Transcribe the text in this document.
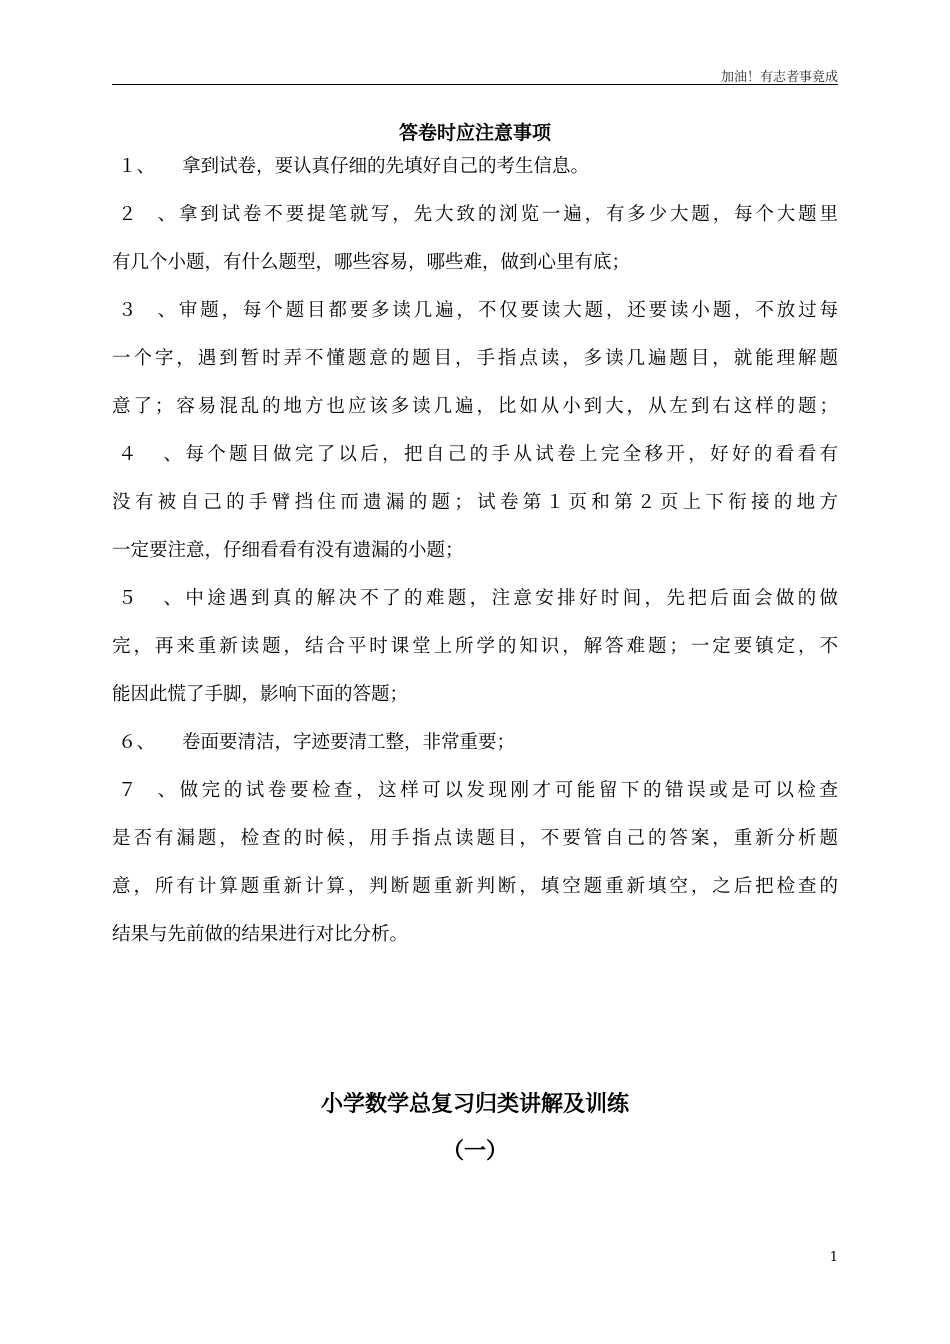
加油！有志者事竟成
答卷时应注意事项
１、 拿到试卷，要认真仔细的先填好自己的考生信息。
２、拿到试卷不要提笔就写，先大致的浏览一遍，有多少大题，每个大题里
有几个小题，有什么题型，哪些容易，哪些难，做到心里有底；
３、审题，每个题目都要多读几遍，不仅要读大题，还要读小题，不放过每
一个字，遇到暂时弄不懂题意的题目，手指点读，多读几遍题目，就能理解题
意了；容易混乱的地方也应该多读几遍，比如从小到大，从左到右这样的题；
４、每个题目做完了以后，把自己的手从试卷上完全移开，好好的看看有
没有被自己的手臂挡住而遗漏的题；试卷第１页和第２页上下衔接的地方
一定要注意，仔细看看有没有遗漏的小题；
５、中途遇到真的解决不了的难题，注意安排好时间，先把后面会做的做
完，再来重新读题，结合平时课堂上所学的知识，解答难题；一定要镇定，不
能因此慌了手脚，影响下面的答题；
６、 卷面要清洁，字迹要清工整，非常重要；
７、做完的试卷要检查，这样可以发现刚才可能留下的错误或是可以检查
是否有漏题，检查的时候，用手指点读题目，不要管自己的答案，重新分析题
意，所有计算题重新计算，判断题重新判断，填空题重新填空，之后把检查的
结果与先前做的结果进行对比分析。
小学数学总复习归类讲解及训练
（一）
1
